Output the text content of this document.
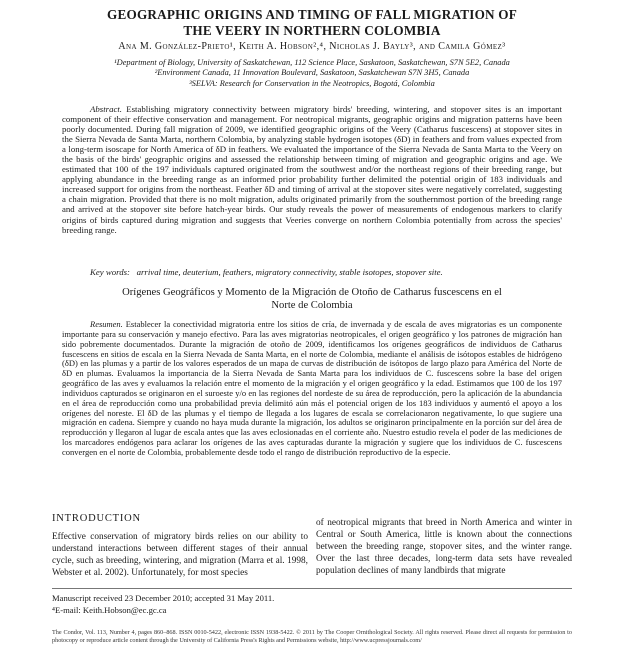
GEOGRAPHIC ORIGINS AND TIMING OF FALL MIGRATION OF
THE VEERY IN NORTHERN COLOMBIA
Ana M. González-Prieto¹, Keith A. Hobson²,⁴, Nicholas J. Bayly³, and Camila Gómez³
¹Department of Biology, University of Saskatchewan, 112 Science Place, Saskatoon, Saskatchewan, S7N 5E2, Canada
²Environment Canada, 11 Innovation Boulevard, Saskatoon, Saskatchewan S7N 3H5, Canada
³SELVA: Research for Conservation in the Neotropics, Bogotá, Colombia
Abstract. Establishing migratory connectivity between migratory birds' breeding, wintering, and stopover sites is an important component of their effective conservation and management. For neotropical migrants, geographic origins and migration patterns have been poorly documented. During fall migration of 2009, we identified geographic origins of the Veery (Catharus fuscescens) at stopover sites in the Sierra Nevada de Santa Marta, northern Colombia, by analyzing stable hydrogen isotopes (δD) in feathers and from values expected from a long-term isoscape for North America of δD in feathers. We evaluated the importance of the Sierra Nevada de Santa Marta to the Veery on the basis of the birds' geographic origins and assessed the relationship between timing of migration and geographic origins and age. We estimated that 100 of the 197 individuals captured originated from the southwest and/or the northeast regions of their breeding range, but applying abundance in the breeding range as an informed prior probability further delimited the potential origin of 183 individuals and increased support for origins from the northeast. Feather δD and timing of arrival at the stopover sites were negatively correlated, suggesting a chain migration. Provided that there is no molt migration, adults originated primarily from the southernmost portion of the breeding range and arrived at the stopover site before hatch-year birds. Our study reveals the power of measurements of endogenous markers to clarify origins of birds captured during migration and suggests that Veeries converge on northern Colombia potentially from across the species' breeding range.
Key words: arrival time, deuterium, feathers, migratory connectivity, stable isotopes, stopover site.
Orígenes Geográficos y Momento de la Migración de Otoño de Catharus fuscescens en el
Norte de Colombia
Resumen. Establecer la conectividad migratoria entre los sitios de cría, de invernada y de escala de aves migratorias es un componente importante para su conservación y manejo efectivo. Para las aves migratorias neotropicales, el origen geográfico y los patrones de migración han sido pobremente documentados. Durante la migración de otoño de 2009, identificamos los orígenes geográficos de individuos de Catharus fuscescens en sitios de escala en la Sierra Nevada de Santa Marta, en el norte de Colombia, mediante el análisis de isótopos estables de hidrógeno (δD) en las plumas y a partir de los valores esperados de un mapa de curvas de distribución de isótopos de largo plazo para América del Norte de δD en plumas. Evaluamos la importancia de la Sierra Nevada de Santa Marta para los individuos de C. fuscescens sobre la base del origen geográfico de las aves y evaluamos la relación entre el momento de la migración y el origen geográfico y la edad. Estimamos que 100 de los 197 individuos capturados se originaron en el suroeste y/o en las regiones del nordeste de su área de reproducción, pero la aplicación de la abundancia en el área de reproducción como una probabilidad previa delimitó aún más el potencial origen de los 183 individuos y aumentó el apoyo a los orígenes del noreste. El δD de las plumas y el tiempo de llegada a los lugares de escala se correlacionaron negativamente, lo que sugiere una migración en cadena. Siempre y cuando no haya muda durante la migración, los adultos se originaron principalmente en la porción sur del área de reproducción y llegaron al lugar de escala antes que las aves eclosionadas en el corriente año. Nuestro estudio revela el poder de las mediciones de los marcadores endógenos para aclarar los orígenes de las aves capturadas durante la migración y sugiere que los individuos de C. fuscescens convergen en el norte de Colombia, probablemente desde todo el rango de distribución reproductivo de la especie.
INTRODUCTION
Effective conservation of migratory birds relies on our ability to understand interactions between different stages of their annual cycle, such as breeding, wintering, and migration (Marra et al. 1998, Webster et al. 2002). Unfortunately, for most species
of neotropical migrants that breed in North America and winter in Central or South America, little is known about the connections between the breeding range, stopover sites, and the winter range. Over the last three decades, long-term data sets have revealed population declines of many landbirds that migrate
Manuscript received 23 December 2010; accepted 31 May 2011.
⁴E-mail: Keith.Hobson@ec.gc.ca
The Condor, Vol. 113, Number 4, pages 860–868. ISSN 0010-5422, electronic ISSN 1938-5422. © 2011 by The Cooper Ornithological Society. All rights reserved. Please direct all requests for permission to photocopy or reproduce article content through the University of California Press's Rights and Permissions website, http://www.ucpressjournals.com/
